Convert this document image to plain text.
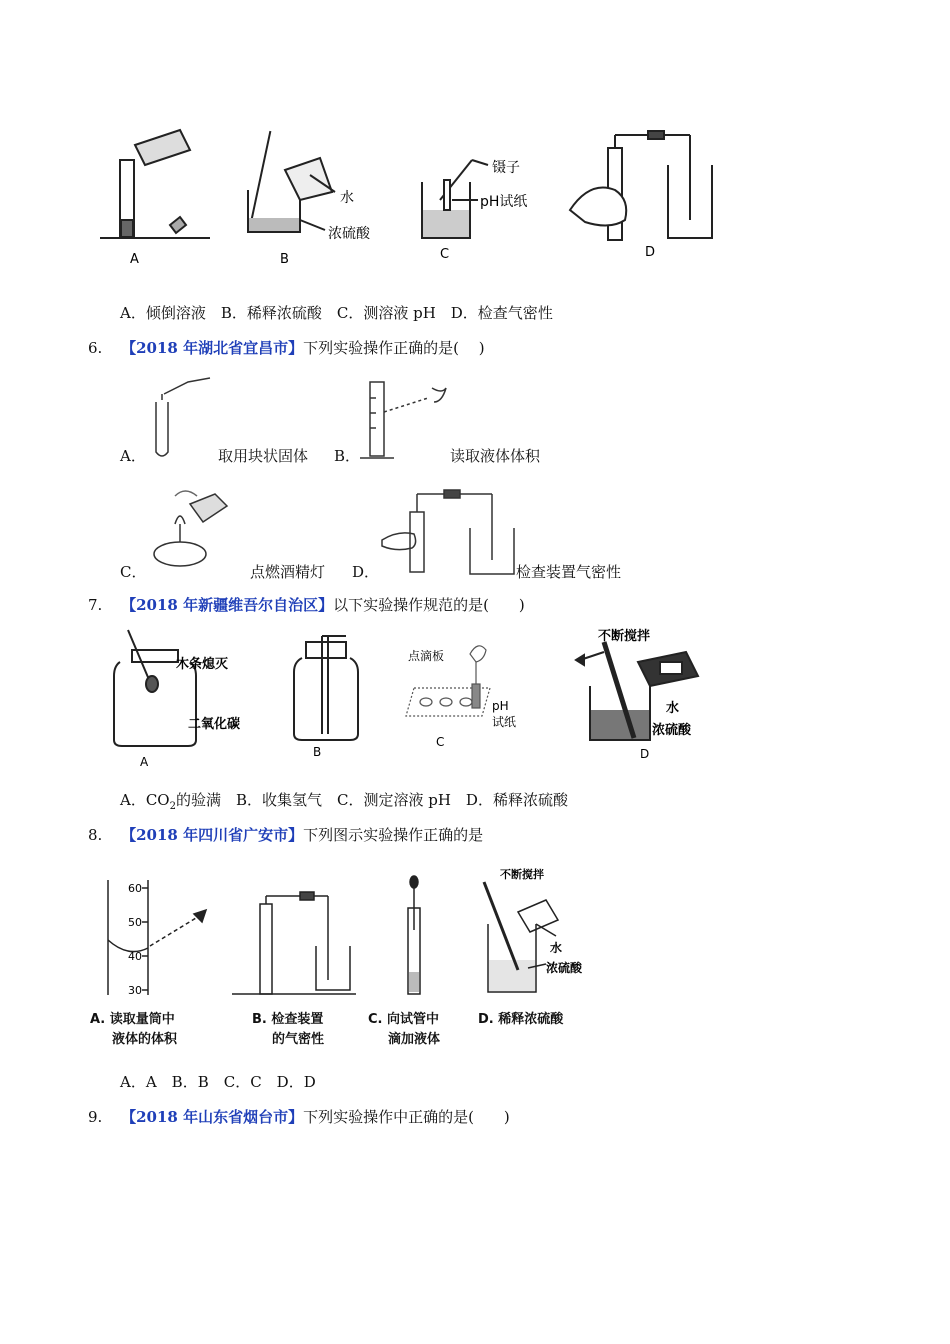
水
浓硫酸
镊子
pH试纸
A	B	C	D
A．倾倒溶液　B．稀释浓硫酸　C．测溶液 pH　D．检查气密性
6. 【2018 年湖北省宜昌市】下列实验操作正确的是(　 )
A．	取用块状固体 B．	读取液体体积
C．	点燃酒精灯 D．	检查装置气密性
7. 【2018 年新疆维吾尔自治区】以下实验操作规范的是(　　)
木条熄灭
二氧化碳
A
B
点滴板
pH
试纸
C
不断搅拌
水
浓硫酸
D
A．$CO_2$的验满　B．收集氢气　C．测定溶液 pH　D．稀释浓硫酸
8. 【2018 年四川省广安市】下列图示实验操作正确的是
60
50
40
30
不断搅拌
水
浓硫酸
A. 读取量筒中
液体的体积
B. 检查装置
的气密性
C. 向试管中
滴加液体
D. 稀释浓硫酸
A．A　B．B　C．C　D．D
9. 【2018 年山东省烟台市】下列实验操作中正确的是(　　)
